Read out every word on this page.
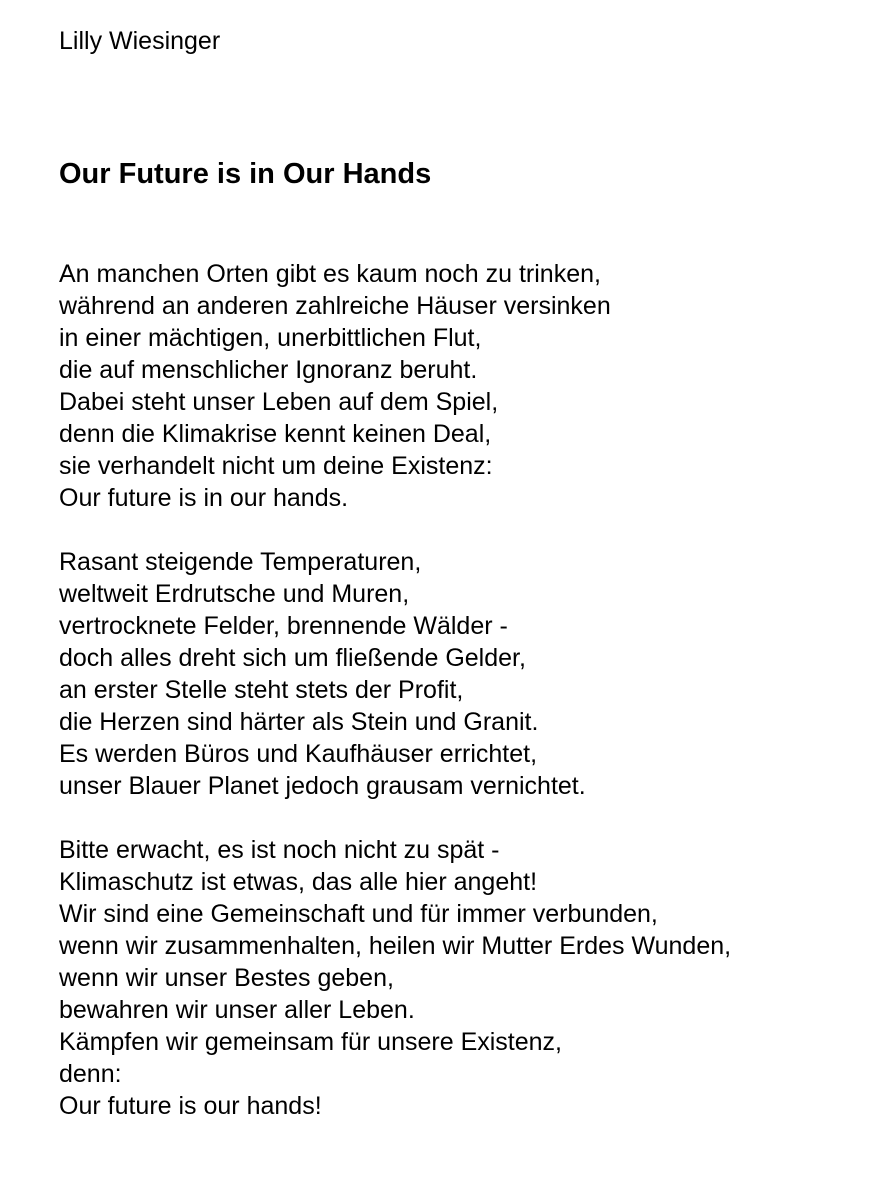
Lilly Wiesinger
Our Future is in Our Hands
An manchen Orten gibt es kaum noch zu trinken,
während an anderen zahlreiche Häuser versinken
in einer mächtigen, unerbittlichen Flut,
die auf menschlicher Ignoranz beruht.
Dabei steht unser Leben auf dem Spiel,
denn die Klimakrise kennt keinen Deal,
sie verhandelt nicht um deine Existenz:
Our future is in our hands.
Rasant steigende Temperaturen,
weltweit Erdrutsche und Muren,
vertrocknete Felder, brennende Wälder -
doch alles dreht sich um fließende Gelder,
an erster Stelle steht stets der Profit,
die Herzen sind härter als Stein und Granit.
Es werden Büros und Kaufhäuser errichtet,
unser Blauer Planet jedoch grausam vernichtet.
Bitte erwacht, es ist noch nicht zu spät -
Klimaschutz ist etwas, das alle hier angeht!
Wir sind eine Gemeinschaft und für immer verbunden,
wenn wir zusammenhalten, heilen wir Mutter Erdes Wunden,
wenn wir unser Bestes geben,
bewahren wir unser aller Leben.
Kämpfen wir gemeinsam für unsere Existenz,
denn:
Our future is our hands!
